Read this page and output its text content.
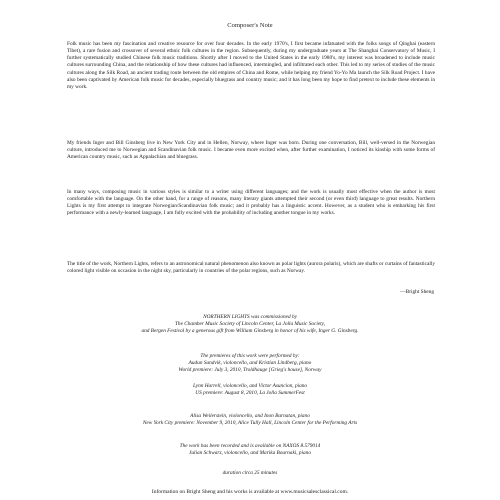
Composer's Note

Folk music has been my fascination and creative resource for over four decades. In the early 1970's, I first became infatuated with the folks songs of Qinghai (eastern Tibet), a rare fusion and crossover of several ethnic folk cultures in the region. Subsequently, during my undergraduate years at The Shanghai Conservatory of Music, I further systematically studied Chinese folk music traditions. Shortly after I moved to the United States in the early 1980's, my interest was broadened to include music cultures surrounding China, and the relationship of how these cultures had influenced, intermingled, and infiltrated each other. This led to my series of studies of the music cultures along the Silk Road, an ancient trading route between the old empires of China and Rome, while helping my friend Yo-Yo Ma launch the Silk Road Project. I have also been captivated by American folk music for decades, especially bluegrass and country music; and it has long been my hope to find pretext to include these elements in my work.

My friends Inger and Bill Ginsberg live in New York City and in Hellen, Norway, where Inger was born. During one conversation, Bill, well-versed in the Norwegian culture, introduced me to Norwegian and Scandinavian folk music. I became even more excited when, after further examination, I noticed its kinship with some forms of American country music, such as Appalachian and bluegrass.

In many ways, composing music in various styles is similar to a writer using different languages; and the work is usually most effective when the author is most comfortable with the language. On the other hand, for a range of reasons, many literary giants attempted their second (or even third) language to great results. Northern Lights is my first attempt to integrate Norwegian/Scandinavian folk music; and it probably has a linguistic accent. However, as a student who is embarking his first performance with a newly-learned language, I am fully excited with the probability of including another tongue in my works.

The title of the work, Northern Lights, refers to an astronomical natural phenomenon also known as polar lights (aurora polaris), which are shafts or curtains of fantastically colored light visible on occasion in the night sky, particularly in countries of the polar regions, such as Norway.

—Bright Sheng
NORTHERN LIGHTS was commissioned by
The Chamber Music Society of Lincoln Center, La Jolla Music Society,
and Bergen Festival by a generous gift from William Ginsberg in honor of his wife, Inger G. Ginsberg.
The premieres of this work were performed by:
Audun Sandvik, violoncello, and Kristian Lindberg, piano
World premiere: July 3, 2010, Troldhauge [Grieg's house], Norway
Lynn Harrell, violoncello, and Victor Asuncion, piano
US premiere: August 8, 2010, La Jolla SummerFest
Alisa Weilerstein, violoncello, and Inon Barnatan, piano
New York City premiere: November 9, 2010, Alice Tully Hall, Lincoln Center for the Performing Arts
The work has been recorded and is available on NAXOS 8.579014
Julian Schwarz, violoncello, and Marika Bournaki, piano
duration circa 25 minutes
Information on Bright Sheng and his works is available at www.musicsalesclassical.com.
